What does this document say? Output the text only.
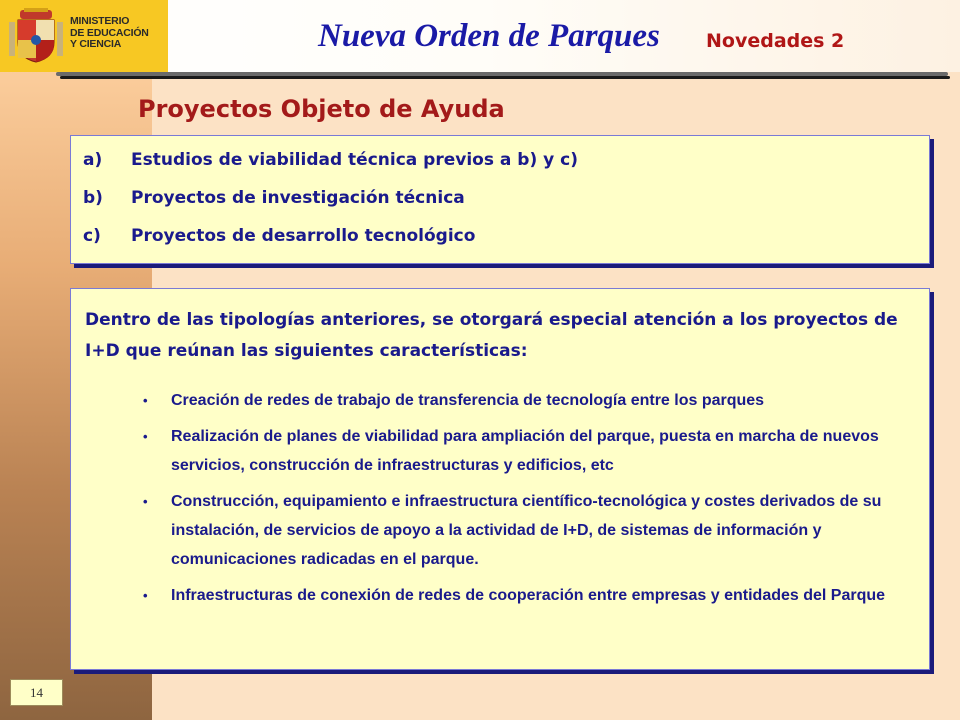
MINISTERIO
DE EDUCACIÓN
Y CIENCIA	Nueva Orden de Parques Novedades 2
Proyectos Objeto de Ayuda
a)	Estudios de viabilidad técnica previos a b) y c)
b)	Proyectos de investigación técnica
c)	Proyectos de desarrollo tecnológico
Dentro de las tipologías anteriores, se otorgará especial atención a los proyectos de I+D que reúnan las siguientes características:
•	Creación de redes de trabajo de transferencia de tecnología entre los parques
•	Realización de planes de viabilidad para ampliación del parque, puesta en marcha de nuevos servicios, construcción de infraestructuras y edificios, etc
•	Construcción, equipamiento e infraestructura científico-tecnológica y costes derivados de su instalación, de servicios de apoyo a la actividad de I+D, de sistemas de información y comunicaciones radicadas en el parque.
•	Infraestructuras de conexión de redes de cooperación entre empresas y entidades del Parque
14
